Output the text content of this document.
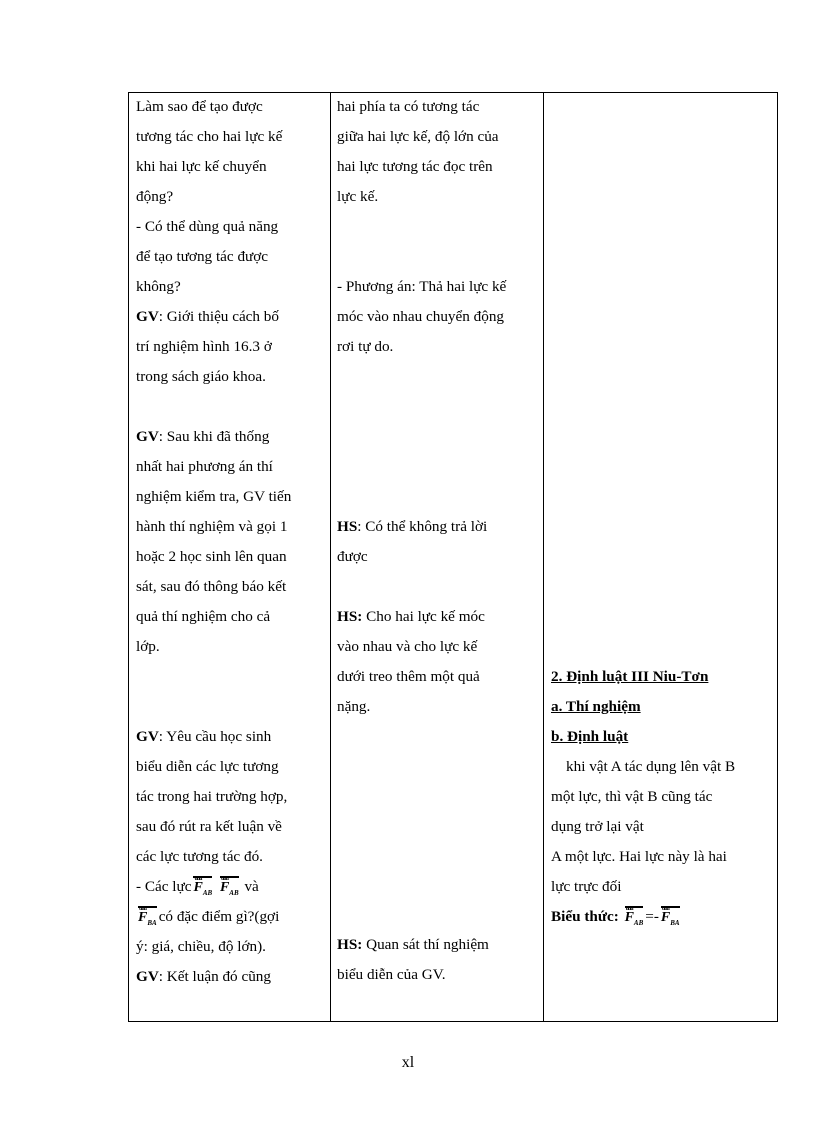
Làm sao để tạo được
tương tác cho hai lực kế
khi hai lực kế chuyển
động?
- Có thể dùng quả năng
để tạo tương tác được
không?
GV: Giới thiệu cách bố
trí nghiệm hình 16.3 ở
trong sách giáo khoa.
GV: Sau khi đã thống
nhất hai phương án thí
nghiệm kiểm tra, GV tiến
hành thí nghiệm và gọi 1
hoặc 2 học sinh lên quan
sát, sau đó thông báo kết
quả thí nghiệm cho cả
lớp.
GV: Yêu cầu học sinh
biểu diễn các lực tương
tác trong hai trường hợp,
sau đó rút ra kết luận về
các lực tương tác đó.
- Các lực $F_{AB}$ uuu $F_{AB}$ uuu và
$F_{BA}$ uuu có đặc điểm gì?(gợi
ý: giá, chiều, độ lớn).
GV: Kết luận đó cũng
hai phía ta có tương tác
giữa hai lực kế, độ lớn của
hai lực tương tác đọc trên
lực kế.
- Phương án: Thả hai lực kế
móc vào nhau chuyển động
rơi tự do.
HS: Có thể không trả lời
được
HS: Cho hai lực kế móc
vào nhau và cho lực kế
dưới treo thêm một quả
nặng.
HS: Quan sát thí nghiệm
biểu diễn của GV.
2. Định luật III Niu-Tơn
a. Thí nghiệm
b. Định luật
khi vật A tác dụng lên vật B
một lực, thì vật B cũng tác
dụng trở lại vật
A một lực. Hai lực này là hai
lực trực đối
Biểu thức: $F_{AB}$ uuu =- $F_{BA}$ uuu
xl
